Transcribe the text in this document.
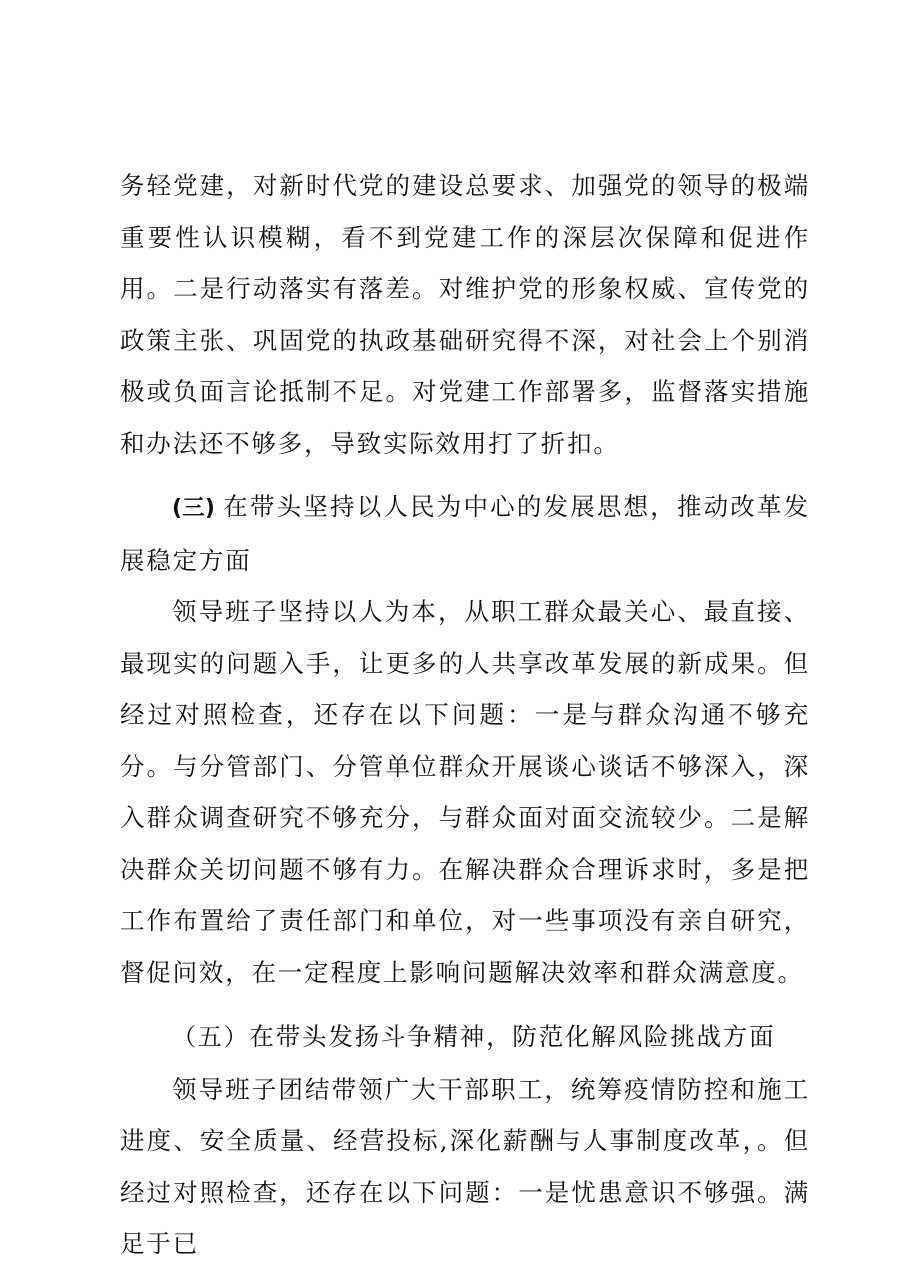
务轻党建，对新时代党的建设总要求、加强党的领导的极端重要性认识模糊，看不到党建工作的深层次保障和促进作用。二是行动落实有落差。对维护党的形象权威、宣传党的政策主张、巩固党的执政基础研究得不深，对社会上个别消极或负面言论抵制不足。对党建工作部署多，监督落实措施和办法还不够多，导致实际效用打了折扣。

(三) 在带头坚持以人民为中心的发展思想，推动改革发展稳定方面

领导班子坚持以人为本，从职工群众最关心、最直接、最现实的问题入手，让更多的人共享改革发展的新成果。但经过对照检查，还存在以下问题：一是与群众沟通不够充分。与分管部门、分管单位群众开展谈心谈话不够深入，深入群众调查研究不够充分，与群众面对面交流较少。二是解决群众关切问题不够有力。在解决群众合理诉求时，多是把工作布置给了责任部门和单位，对一些事项没有亲自研究，督促问效，在一定程度上影响问题解决效率和群众满意度。

（五）在带头发扬斗争精神，防范化解风险挑战方面

领导班子团结带领广大干部职工，统筹疫情防控和施工进度、安全质量、经营投标,深化薪酬与人事制度改革，。但经过对照检查，还存在以下问题：一是忧患意识不够强。满足于已
